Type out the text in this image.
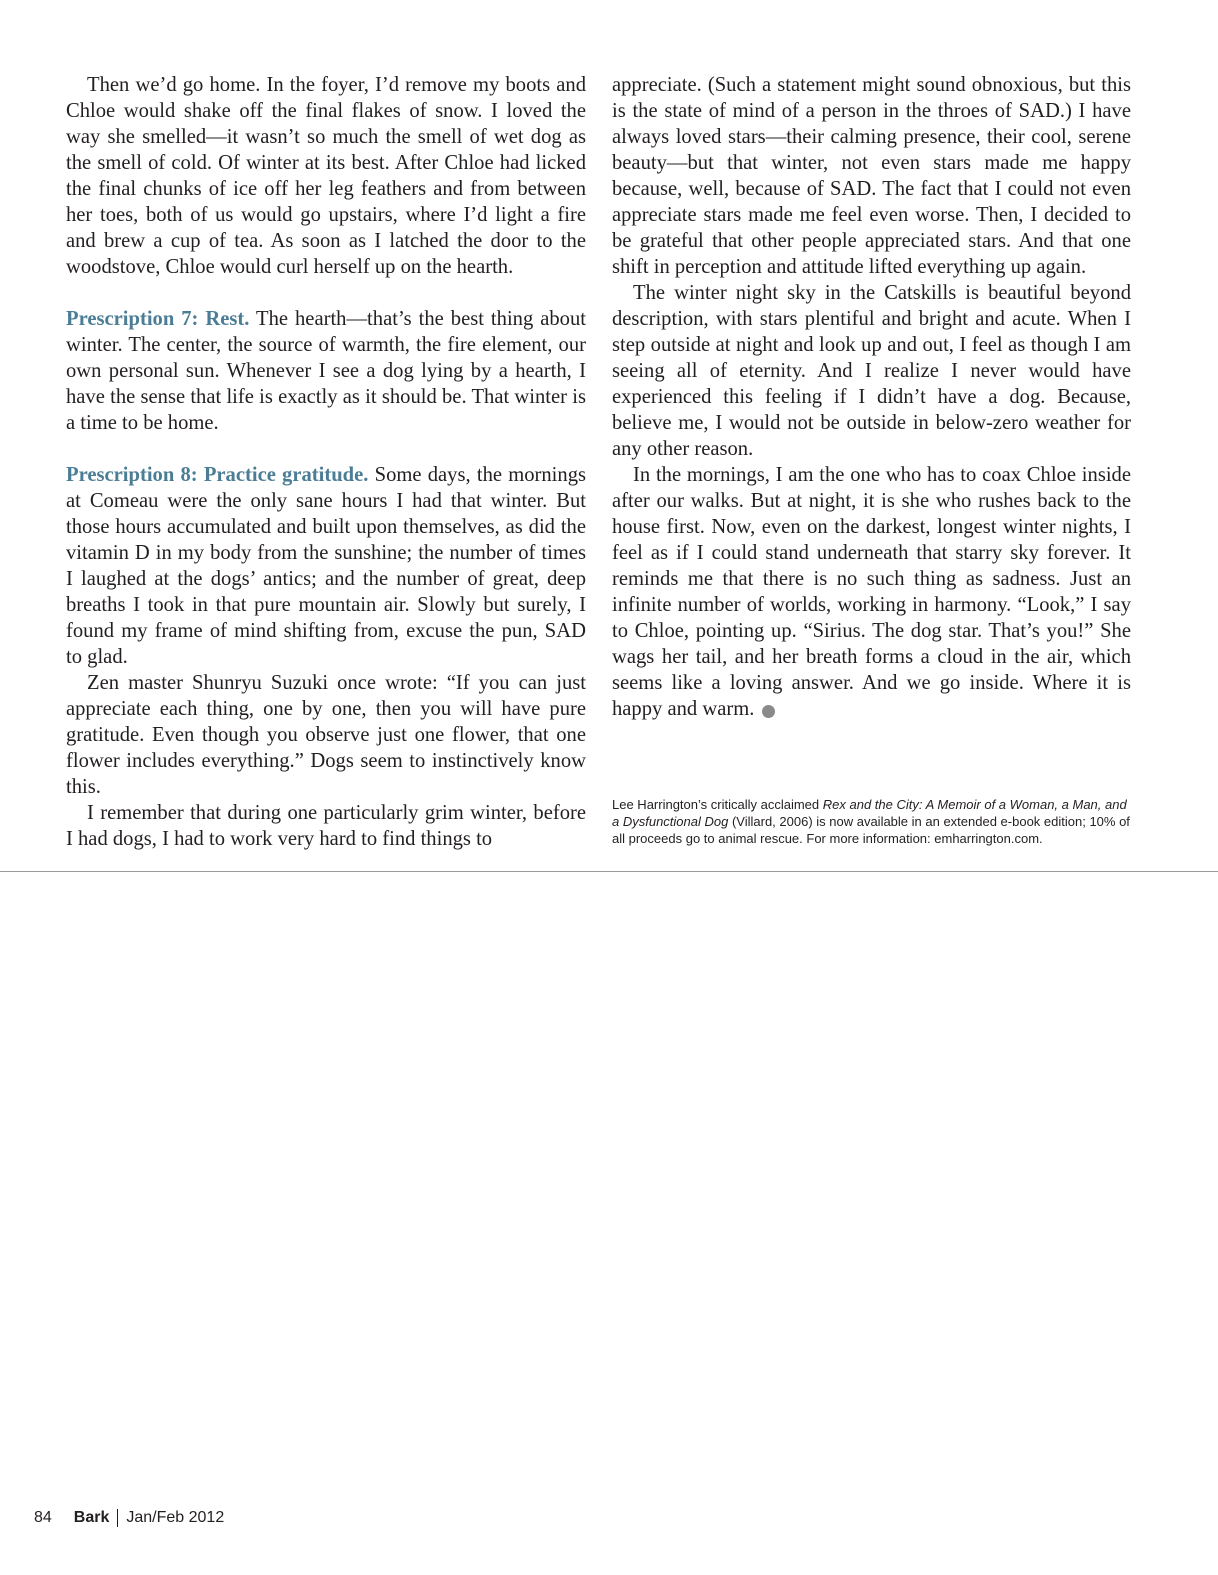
Then we’d go home. In the foyer, I’d remove my boots and Chloe would shake off the final flakes of snow. I loved the way she smelled—it wasn’t so much the smell of wet dog as the smell of cold. Of winter at its best. After Chloe had licked the final chunks of ice off her leg feathers and from between her toes, both of us would go upstairs, where I’d light a fire and brew a cup of tea. As soon as I latched the door to the woodstove, Chloe would curl herself up on the hearth.

Prescription 7: Rest. The hearth—that’s the best thing about winter. The center, the source of warmth, the fire element, our own personal sun. Whenever I see a dog lying by a hearth, I have the sense that life is exactly as it should be. That winter is a time to be home.

Prescription 8: Practice gratitude. Some days, the mornings at Comeau were the only sane hours I had that winter. But those hours accumulated and built upon themselves, as did the vitamin D in my body from the sunshine; the number of times I laughed at the dogs’ antics; and the number of great, deep breaths I took in that pure mountain air. Slowly but surely, I found my frame of mind shifting from, excuse the pun, SAD to glad.

Zen master Shunryu Suzuki once wrote: “If you can just appreciate each thing, one by one, then you will have pure gratitude. Even though you observe just one flower, that one flower includes everything.” Dogs seem to instinctively know this.

I remember that during one particularly grim winter, before I had dogs, I had to work very hard to find things to

appreciate. (Such a statement might sound obnoxious, but this is the state of mind of a person in the throes of SAD.) I have always loved stars—their calming presence, their cool, serene beauty—but that winter, not even stars made me happy because, well, because of SAD. The fact that I could not even appreciate stars made me feel even worse. Then, I decided to be grateful that other people appreciated stars. And that one shift in perception and attitude lifted everything up again.

The winter night sky in the Catskills is beautiful beyond description, with stars plentiful and bright and acute. When I step outside at night and look up and out, I feel as though I am seeing all of eternity. And I realize I never would have experienced this feeling if I didn’t have a dog. Because, believe me, I would not be outside in below-zero weather for any other reason.

In the mornings, I am the one who has to coax Chloe inside after our walks. But at night, it is she who rushes back to the house first. Now, even on the darkest, longest winter nights, I feel as if I could stand underneath that starry sky forever. It reminds me that there is no such thing as sadness. Just an infinite number of worlds, working in harmony. “Look,” I say to Chloe, pointing up. “Sirius. The dog star. That’s you!” She wags her tail, and her breath forms a cloud in the air, which seems like a loving answer. And we go inside. Where it is happy and warm.	B

Lee Harrington’s critically acclaimed Rex and the City: A Memoir of a Woman, a Man, and a Dysfunctional Dog (Villard, 2006) is now available in an extended e-book edition; 10% of all proceeds go to animal rescue. For more information: emharrington.com.
84 Bark Jan/Feb 2012
